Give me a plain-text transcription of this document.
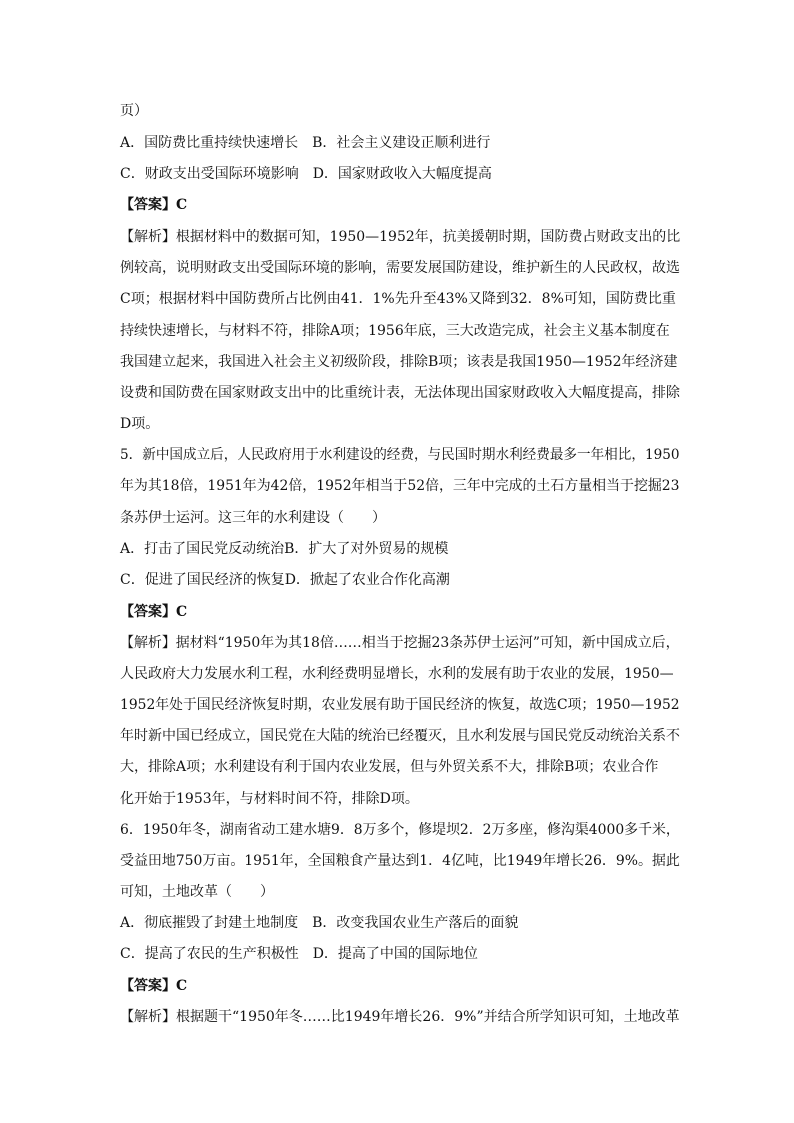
页）
A．国防费比重持续快速增长　B．社会主义建设正顺利进行
C．财政支出受国际环境影响　D．国家财政收入大幅度提高
【答案】C
【解析】根据材料中的数据可知，1950—1952年，抗美援朝时期，国防费占财政支出的比
例较高，说明财政支出受国际环境的影响，需要发展国防建设，维护新生的人民政权，故选
C项；根据材料中国防费所占比例由41．1%先升至43%又降到32．8%可知，国防费比重
持续快速增长，与材料不符，排除A项；1956年底，三大改造完成，社会主义基本制度在
我国建立起来，我国进入社会主义初级阶段，排除B项；该表是我国1950—1952年经济建
设费和国防费在国家财政支出中的比重统计表，无法体现出国家财政收入大幅度提高，排除
D项。
5．新中国成立后，人民政府用于水利建设的经费，与民国时期水利经费最多一年相比，1950
年为其18倍，1951年为42倍，1952年相当于52倍，三年中完成的土石方量相当于挖掘23
条苏伊士运河。这三年的水利建设（　　）
A．打击了国民党反动统治B．扩大了对外贸易的规模
C．促进了国民经济的恢复D．掀起了农业合作化高潮
【答案】C
【解析】据材料“1950年为其18倍……相当于挖掘23条苏伊士运河”可知，新中国成立后，
人民政府大力发展水利工程，水利经费明显增长，水利的发展有助于农业的发展，1950—
1952年处于国民经济恢复时期，农业发展有助于国民经济的恢复，故选C项；1950—1952
年时新中国已经成立，国民党在大陆的统治已经覆灭，且水利发展与国民党反动统治关系不
大，排除A项；水利建设有利于国内农业发展，但与外贸关系不大，排除B项；农业合作
化开始于1953年，与材料时间不符，排除D项。
6．1950年冬，湖南省动工建水塘9．8万多个，修堤坝2．2万多座，修沟渠4000多千米，
受益田地750万亩。1951年，全国粮食产量达到1．4亿吨，比1949年增长26．9%。据此
可知，土地改革（　　）
A．彻底摧毁了封建土地制度　B．改变我国农业生产落后的面貌
C．提高了农民的生产积极性　D．提高了中国的国际地位
【答案】C
【解析】根据题干“1950年冬……比1949年增长26．9%”并结合所学知识可知，土地改革
